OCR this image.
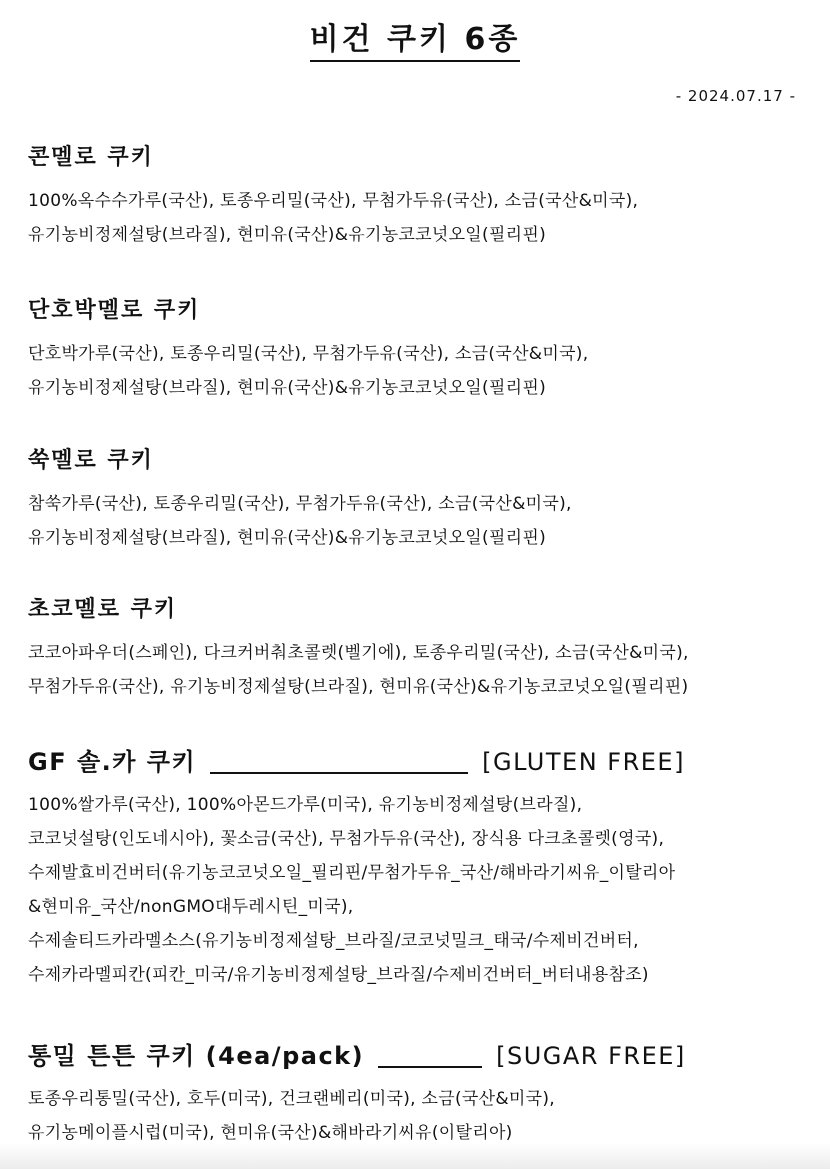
비건 쿠키 6종
- 2024.07.17 -
콘멜로 쿠키
100%옥수수가루(국산), 토종우리밀(국산), 무첨가두유(국산), 소금(국산&미국),
유기농비정제설탕(브라질), 현미유(국산)&유기농코코넛오일(필리핀)
단호박멜로 쿠키
단호박가루(국산), 토종우리밀(국산), 무첨가두유(국산), 소금(국산&미국),
유기농비정제설탕(브라질), 현미유(국산)&유기농코코넛오일(필리핀)
쑥멜로 쿠키
참쑥가루(국산), 토종우리밀(국산), 무첨가두유(국산), 소금(국산&미국),
유기농비정제설탕(브라질), 현미유(국산)&유기농코코넛오일(필리핀)
초코멜로 쿠키
코코아파우더(스페인), 다크커버춰초콜렛(벨기에), 토종우리밀(국산), 소금(국산&미국),
무첨가두유(국산), 유기농비정제설탕(브라질), 현미유(국산)&유기농코코넛오일(필리핀)
GF 솔.카 쿠키	[GLUTEN FREE]
100%쌀가루(국산), 100%아몬드가루(미국), 유기농비정제설탕(브라질),
코코넛설탕(인도네시아), 꽃소금(국산), 무첨가두유(국산), 장식용 다크초콜렛(영국),
수제발효비건버터(유기농코코넛오일_필리핀/무첨가두유_국산/해바라기씨유_이탈리아
&현미유_국산/nonGMO대두레시틴_미국),
수제솔티드카라멜소스(유기농비정제설탕_브라질/코코넛밀크_태국/수제비건버터,
수제카라멜피칸(피칸_미국/유기농비정제설탕_브라질/수제비건버터_버터내용참조)
통밀 튼튼 쿠키 (4ea/pack)	[SUGAR FREE]
토종우리통밀(국산), 호두(미국), 건크랜베리(미국), 소금(국산&미국),
유기농메이플시럽(미국), 현미유(국산)&해바라기씨유(이탈리아)
